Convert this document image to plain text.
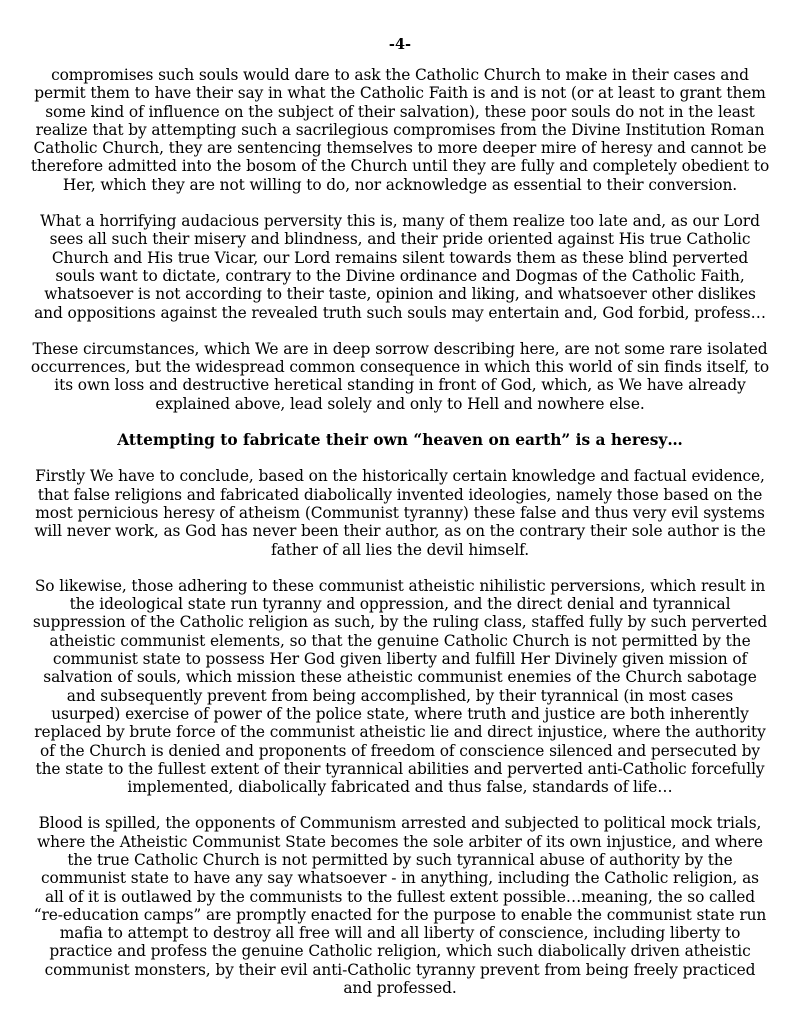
-4-

compromises such souls would dare to ask the Catholic Church to make in their cases and permit them to have their say in what the Catholic Faith is and is not (or at least to grant them some kind of influence on the subject of their salvation), these poor souls do not in the least realize that by attempting such a sacrilegious compromises from the Divine Institution Roman Catholic Church, they are sentencing themselves to more deeper mire of heresy and cannot be therefore admitted into the bosom of the Church until they are fully and completely obedient to Her, which they are not willing to do, nor acknowledge as essential to their conversion.

What a horrifying audacious perversity this is, many of them realize too late and, as our Lord sees all such their misery and blindness, and their pride oriented against His true Catholic Church and His true Vicar, our Lord remains silent towards them as these blind perverted souls want to dictate, contrary to the Divine ordinance and Dogmas of the Catholic Faith, whatsoever is not according to their taste, opinion and liking, and whatsoever other dislikes and oppositions against the revealed truth such souls may entertain and, God forbid, profess…

These circumstances, which We are in deep sorrow describing here, are not some rare isolated occurrences, but the widespread common consequence in which this world of sin finds itself, to its own loss and destructive heretical standing in front of God, which, as We have already explained above, lead solely and only to Hell and nowhere else.

Attempting to fabricate their own “heaven on earth” is a heresy…

Firstly We have to conclude, based on the historically certain knowledge and factual evidence, that false religions and fabricated diabolically invented ideologies, namely those based on the most pernicious heresy of atheism (Communist tyranny) these false and thus very evil systems will never work, as God has never been their author, as on the contrary their sole author is the father of all lies the devil himself.

So likewise, those adhering to these communist atheistic nihilistic perversions, which result in the ideological state run tyranny and oppression, and the direct denial and tyrannical suppression of the Catholic religion as such, by the ruling class, staffed fully by such perverted atheistic communist elements, so that the genuine Catholic Church is not permitted by the communist state to possess Her God given liberty and fulfill Her Divinely given mission of salvation of souls, which mission these atheistic communist enemies of the Church sabotage and subsequently prevent from being accomplished, by their tyrannical (in most cases usurped) exercise of power of the police state, where truth and justice are both inherently replaced by brute force of the communist atheistic lie and direct injustice, where the authority of the Church is denied and proponents of freedom of conscience silenced and persecuted by the state to the fullest extent of their tyrannical abilities and perverted anti-Catholic forcefully implemented, diabolically fabricated and thus false, standards of life…

Blood is spilled, the opponents of Communism arrested and subjected to political mock trials, where the Atheistic Communist State becomes the sole arbiter of its own injustice, and where the true Catholic Church is not permitted by such tyrannical abuse of authority by the communist state to have any say whatsoever - in anything, including the Catholic religion, as all of it is outlawed by the communists to the fullest extent possible…meaning, the so called “re-education camps” are promptly enacted for the purpose to enable the communist state run mafia to attempt to destroy all free will and all liberty of conscience, including liberty to practice and profess the genuine Catholic religion, which such diabolically driven atheistic communist monsters, by their evil anti-Catholic tyranny prevent from being freely practiced and professed.
